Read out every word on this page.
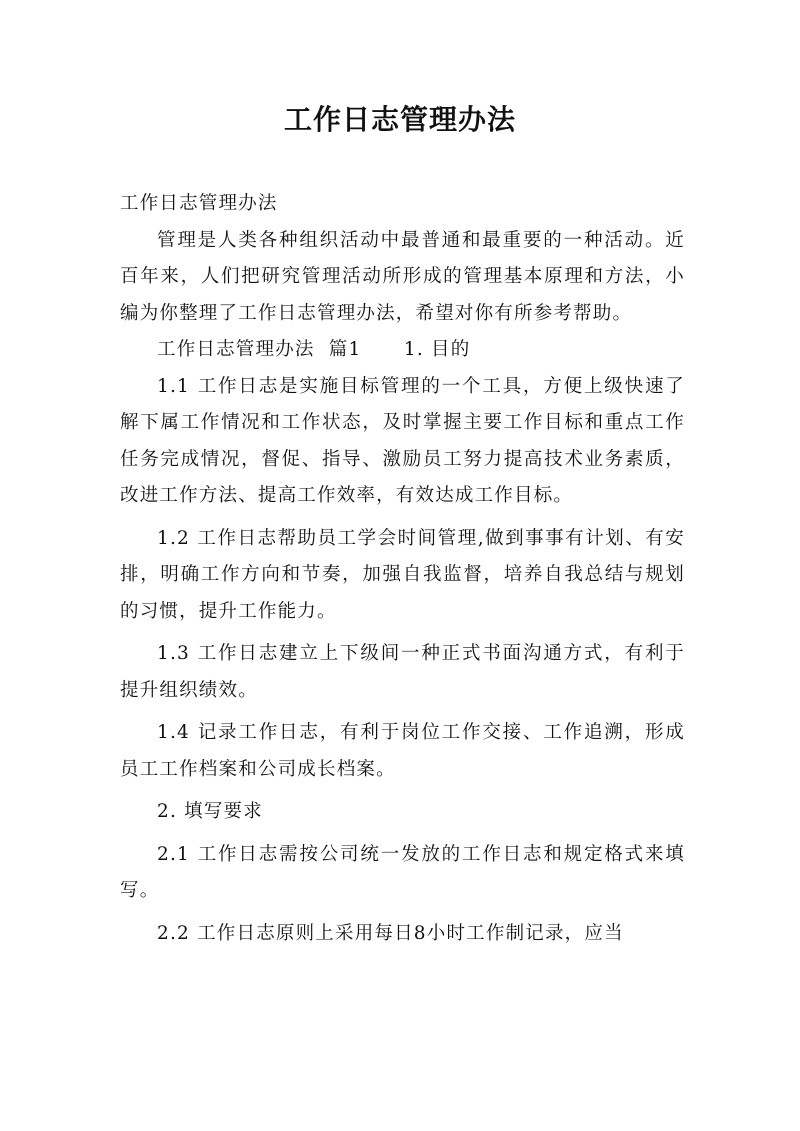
工作日志管理办法

工作日志管理办法

管理是人类各种组织活动中最普通和最重要的一种活动。近百年来，人们把研究管理活动所形成的管理基本原理和方法，小编为你整理了工作日志管理办法，希望对你有所参考帮助。

工作日志管理办法  篇1      1. 目的

1.1 工作日志是实施目标管理的一个工具，方便上级快速了解下属工作情况和工作状态，及时掌握主要工作目标和重点工作任务完成情况，督促、指导、激励员工努力提高技术业务素质，改进工作方法、提高工作效率，有效达成工作目标。

1.2 工作日志帮助员工学会时间管理,做到事事有计划、有安排，明确工作方向和节奏，加强自我监督，培养自我总结与规划的习惯，提升工作能力。

1.3 工作日志建立上下级间一种正式书面沟通方式，有利于提升组织绩效。

1.4 记录工作日志，有利于岗位工作交接、工作追溯，形成员工工作档案和公司成长档案。

2. 填写要求

2.1 工作日志需按公司统一发放的工作日志和规定格式来填写。

2.2 工作日志原则上采用每日8小时工作制记录，应当
